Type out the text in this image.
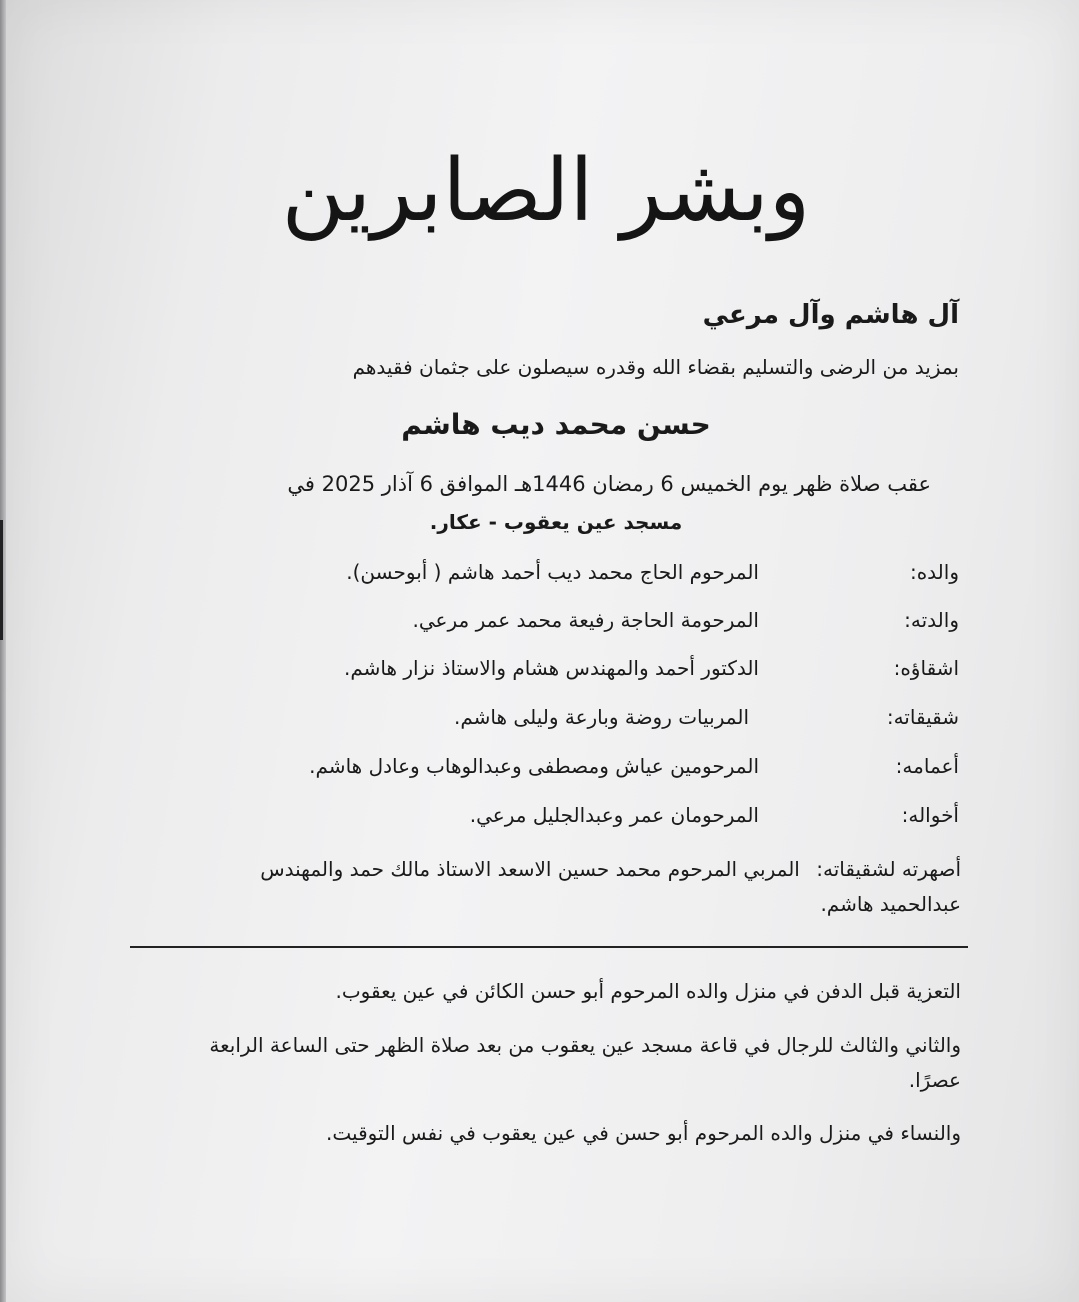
وبشر الصابرين
آل هاشم وآل مرعي
بمزيد من الرضى والتسليم بقضاء الله وقدره سيصلون على جثمان فقيدهم
حسن محمد ديب هاشم
عقب صلاة ظهر يوم الخميس 6 رمضان 1446هـ الموافق 6 آذار 2025 في
مسجد عين يعقوب - عكار.
والده:
المرحوم الحاج محمد ديب أحمد هاشم ( أبوحسن).
والدته:
المرحومة الحاجة رفيعة محمد عمر مرعي.
اشقاؤه:
الدكتور أحمد والمهندس هشام والاستاذ نزار هاشم.
شقيقاته:
المربيات روضة وبارعة وليلى هاشم.
أعمامه:
المرحومين عياش ومصطفى وعبدالوهاب وعادل هاشم.
أخواله:
المرحومان عمر وعبدالجليل مرعي.
أصهرته لشقيقاته: المربي المرحوم محمد حسين الاسعد الاستاذ مالك حمد والمهندس عبدالحميد هاشم.
التعزية قبل الدفن في منزل والده المرحوم أبو حسن الكائن في عين يعقوب.
والثاني والثالث للرجال في قاعة مسجد عين يعقوب من بعد صلاة الظهر حتى الساعة الرابعة عصرًا.
والنساء في منزل والده المرحوم أبو حسن في عين يعقوب في نفس التوقيت.
